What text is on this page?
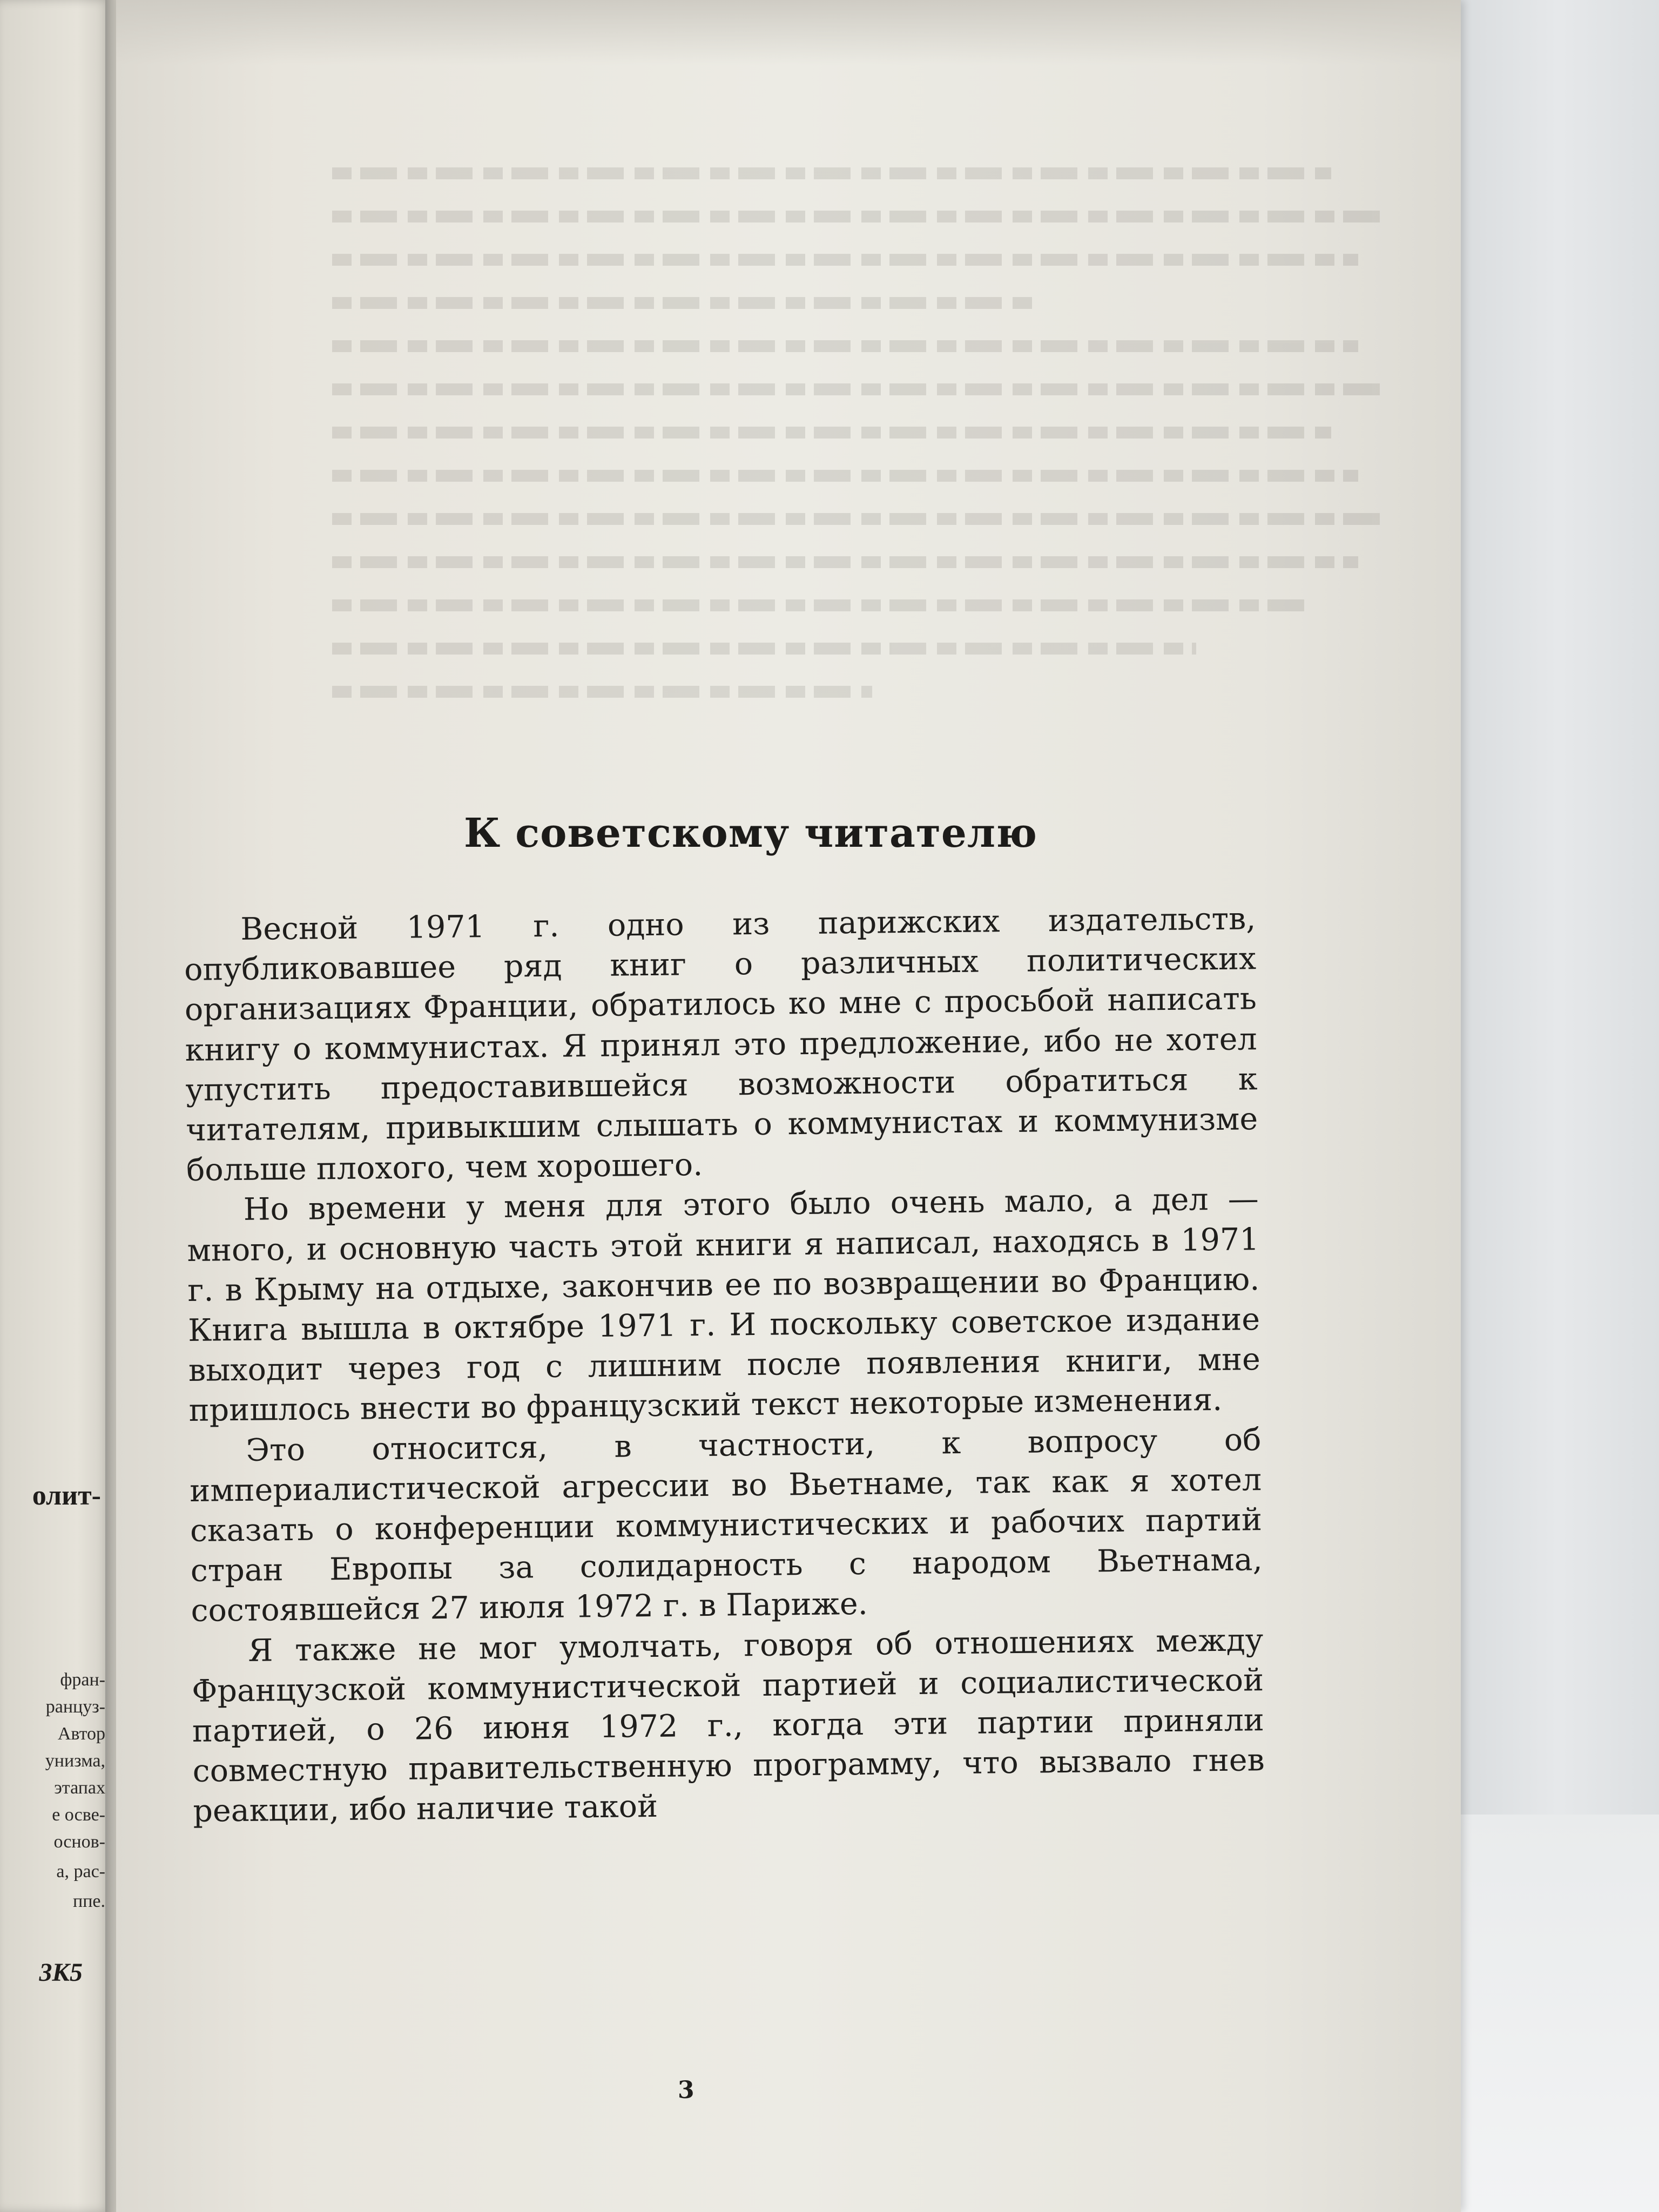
олит-
фран-
ранцуз-
Автор
унизма,
этапах
е осве-
основ-
а, рас-
ппе.
3К5
К советскому читателю

Весной 1971 г. одно из парижских издательств, опубликовавшее ряд книг о различных политических организациях Франции, обратилось ко мне с просьбой написать книгу о коммунистах. Я принял это предложение, ибо не хотел упустить предоставившейся возможности обратиться к читателям, привыкшим слышать о коммунистах и коммунизме больше плохого, чем хорошего.

Но времени у меня для этого было очень мало, а дел — много, и основную часть этой книги я написал, находясь в 1971 г. в Крыму на отдыхе, закончив ее по возвращении во Францию. Книга вышла в октябре 1971 г. И поскольку советское издание выходит через год с лишним после появления книги, мне пришлось внести во французский текст некоторые изменения.

Это относится, в частности, к вопросу об империалистической агрессии во Вьетнаме, так как я хотел сказать о конференции коммунистических и рабочих партий стран Европы за солидарность с народом Вьетнама, состоявшейся 27 июля 1972 г. в Париже.

Я также не мог умолчать, говоря об отношениях между Французской коммунистической партией и социалистической партией, о 26 июня 1972 г., когда эти партии приняли совместную правительственную программу, что вызвало гнев реакции, ибо наличие такой

3
